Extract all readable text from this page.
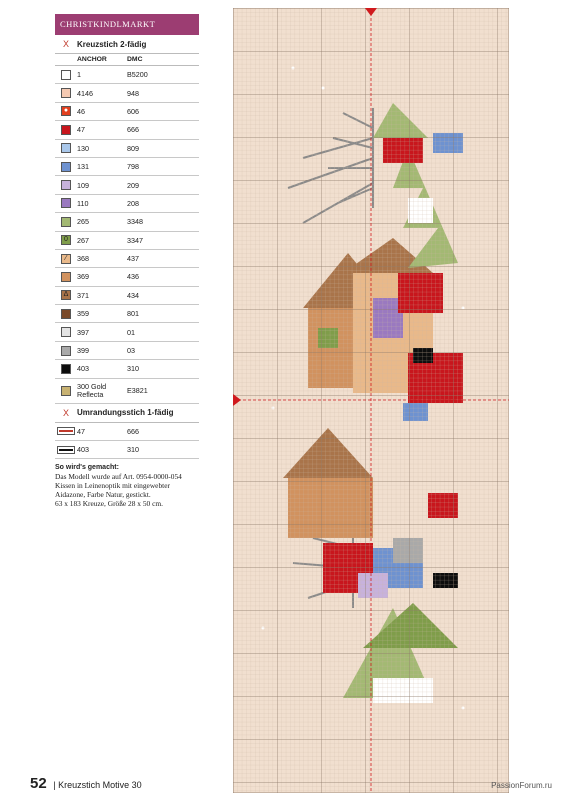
CHRISTKINDLMARKT
X	Kreuzstich 2-fädig
ANCHOR	DMC
1	B5200
4146	948
●	46	606
47	666
130	809
131	798
109	209
110	208
265	3348
0	267	3347
⁄	368	437
369	436
Δ	371	434
359	801
397	01
399	03
403	310
300 Gold Reflecta	E3821
X	Umrandungsstich 1-fädig
47	666
403	310
So wird's gemacht:
Das Modell wurde auf Art. 0954-0000-054 Kissen in Leinenoptik mit eingewebter Aidazone, Farbe Natur, gestickt.
63 x 183 Kreuze, Größe 28 x 50 cm.
52 | Kreuzstich Motive 30	PassionForum.ru
